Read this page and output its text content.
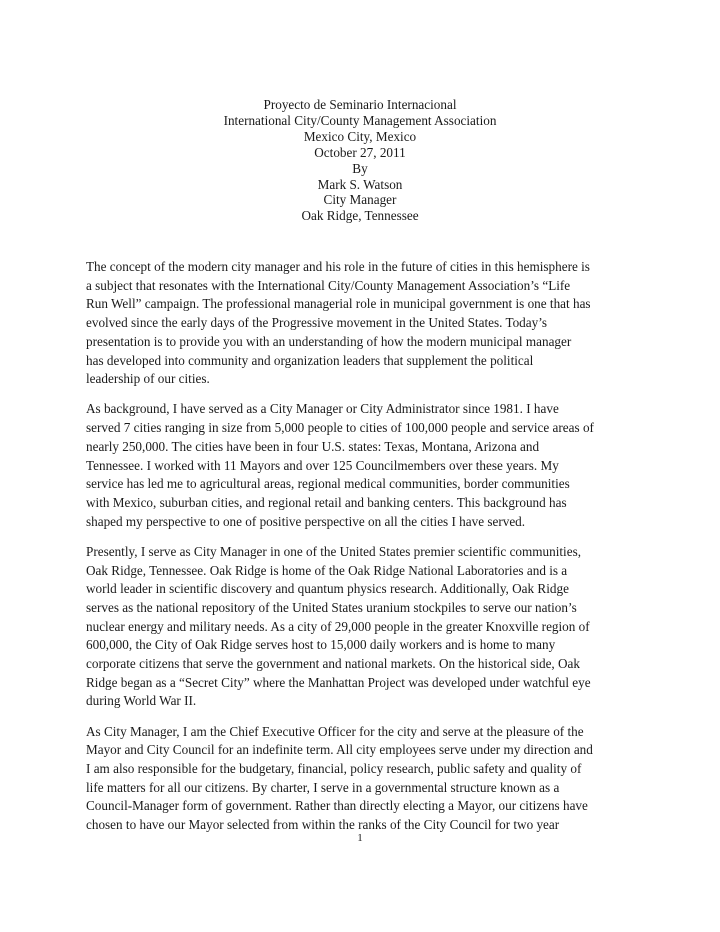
Proyecto de Seminario Internacional
International City/County Management Association
Mexico City, Mexico
October 27, 2011
By
Mark S. Watson
City Manager
Oak Ridge, Tennessee

The concept of the modern city manager and his role in the future of cities in this hemisphere is
a subject that resonates with the International City/County Management Association’s “Life
Run Well” campaign. The professional managerial role in municipal government is one that has
evolved since the early days of the Progressive movement in the United States. Today’s
presentation is to provide you with an understanding of how the modern municipal manager
has developed into community and organization leaders that supplement the political
leadership of our cities.

As background, I have served as a City Manager or City Administrator since 1981. I have
served 7 cities ranging in size from 5,000 people to cities of 100,000 people and service areas of
nearly 250,000. The cities have been in four U.S. states: Texas, Montana, Arizona and
Tennessee. I worked with 11 Mayors and over 125 Councilmembers over these years. My
service has led me to agricultural areas, regional medical communities, border communities
with Mexico, suburban cities, and regional retail and banking centers. This background has
shaped my perspective to one of positive perspective on all the cities I have served.

Presently, I serve as City Manager in one of the United States premier scientific communities,
Oak Ridge, Tennessee. Oak Ridge is home of the Oak Ridge National Laboratories and is a
world leader in scientific discovery and quantum physics research. Additionally, Oak Ridge
serves as the national repository of the United States uranium stockpiles to serve our nation’s
nuclear energy and military needs. As a city of 29,000 people in the greater Knoxville region of
600,000, the City of Oak Ridge serves host to 15,000 daily workers and is home to many
corporate citizens that serve the government and national markets. On the historical side, Oak
Ridge began as a “Secret City” where the Manhattan Project was developed under watchful eye
during World War II.

As City Manager, I am the Chief Executive Officer for the city and serve at the pleasure of the
Mayor and City Council for an indefinite term. All city employees serve under my direction and
I am also responsible for the budgetary, financial, policy research, public safety and quality of
life matters for all our citizens. By charter, I serve in a governmental structure known as a
Council-Manager form of government. Rather than directly electing a Mayor, our citizens have
chosen to have our Mayor selected from within the ranks of the City Council for two year

1
